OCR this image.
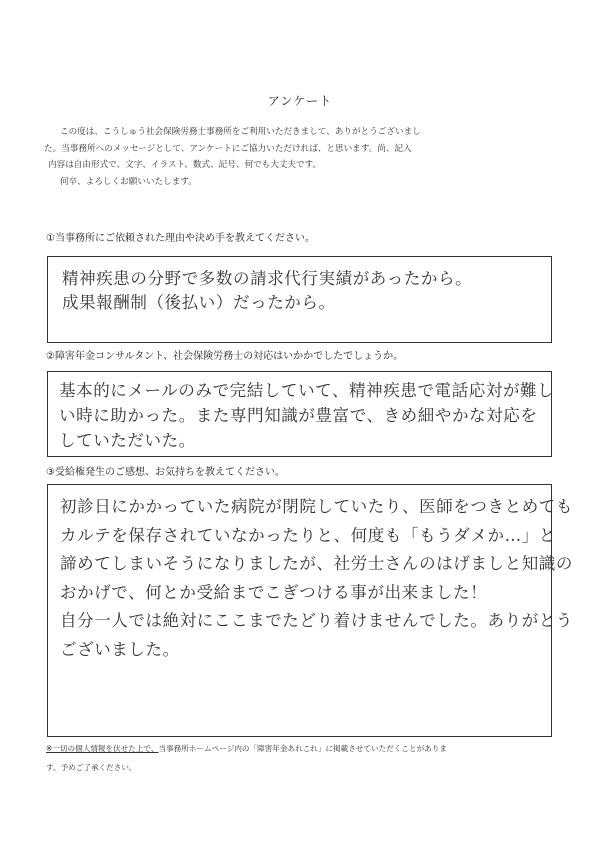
アンケート

この度は、こうしゅう社会保険労務士事務所をご利用いただきまして、ありがとうございまし

た。当事務所へのメッセージとして、アンケートにご協力いただければ、と思います。尚、記入

内容は自由形式で、文字、イラスト、数式、記号、何でも大丈夫です。

何卒、よろしくお願いいたします。

①当事務所にご依頼された理由や決め手を教えてください。

精神疾患の分野で多数の請求代行実績があったから。

成果報酬制（後払い）だったから。

②障害年金コンサルタント、社会保険労務士の対応はいかかでしたでしょうか。

基本的にメールのみで完結していて、精神疾患で電話応対が難し

い時に助かった。また専門知識が豊富で、きめ細やかな対応を

していただいた。

③受給権発生のご感想、お気持ちを教えてください。

初診日にかかっていた病院が閉院していたり、医師をつきとめても

カルテを保存されていなかったりと、何度も「もうダメか…」と

諦めてしまいそうになりましたが、社労士さんのはげましと知識の

おかげで、何とか受給までこぎつける事が出来ました！

自分一人では絶対にここまでたどり着けませんでした。ありがとう

ございました。

※一切の個人情報を伏せた上で、当事務所ホームページ内の「障害年金あれこれ」に掲載させていただくことがありま
す。予めご了承ください。
